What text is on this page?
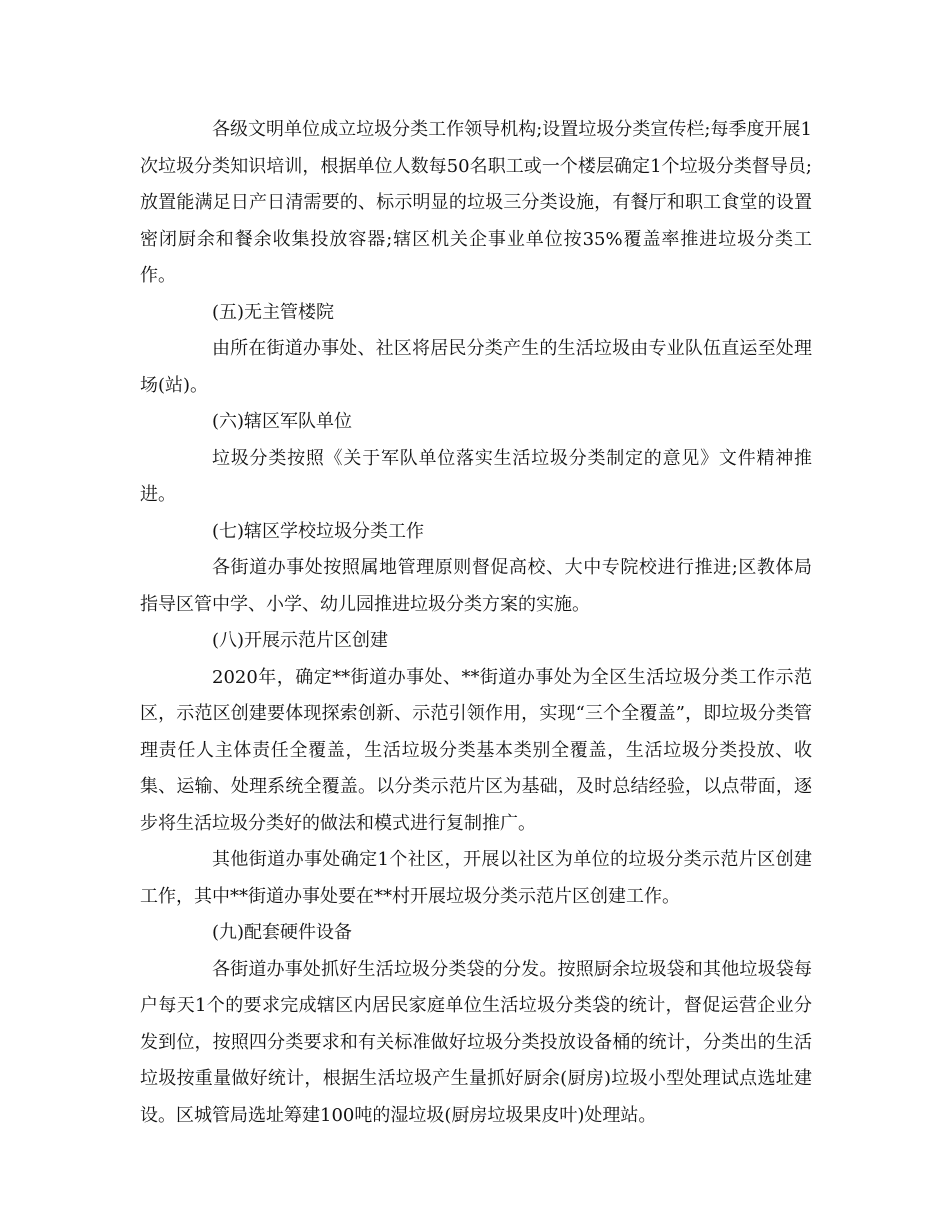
各级文明单位成立垃圾分类工作领导机构;设置垃圾分类宣传栏;每季度开展1次垃圾分类知识培训，根据单位人数每50名职工或一个楼层确定1个垃圾分类督导员;放置能满足日产日清需要的、标示明显的垃圾三分类设施，有餐厅和职工食堂的设置密闭厨余和餐余收集投放容器;辖区机关企事业单位按35%覆盖率推进垃圾分类工作。

(五)无主管楼院

由所在街道办事处、社区将居民分类产生的生活垃圾由专业队伍直运至处理场(站)。

(六)辖区军队单位

垃圾分类按照《关于军队单位落实生活垃圾分类制定的意见》文件精神推进。

(七)辖区学校垃圾分类工作

各街道办事处按照属地管理原则督促高校、大中专院校进行推进;区教体局指导区管中学、小学、幼儿园推进垃圾分类方案的实施。

(八)开展示范片区创建

2020年，确定**街道办事处、**街道办事处为全区生活垃圾分类工作示范区，示范区创建要体现探索创新、示范引领作用，实现“三个全覆盖”，即垃圾分类管理责任人主体责任全覆盖，生活垃圾分类基本类别全覆盖，生活垃圾分类投放、收集、运输、处理系统全覆盖。以分类示范片区为基础，及时总结经验，以点带面，逐步将生活垃圾分类好的做法和模式进行复制推广。

其他街道办事处确定1个社区，开展以社区为单位的垃圾分类示范片区创建工作，其中**街道办事处要在**村开展垃圾分类示范片区创建工作。

(九)配套硬件设备

各街道办事处抓好生活垃圾分类袋的分发。按照厨余垃圾袋和其他垃圾袋每户每天1个的要求完成辖区内居民家庭单位生活垃圾分类袋的统计，督促运营企业分发到位，按照四分类要求和有关标准做好垃圾分类投放设备桶的统计，分类出的生活垃圾按重量做好统计，根据生活垃圾产生量抓好厨余(厨房)垃圾小型处理试点选址建设。区城管局选址筹建100吨的湿垃圾(厨房垃圾果皮叶)处理站。
